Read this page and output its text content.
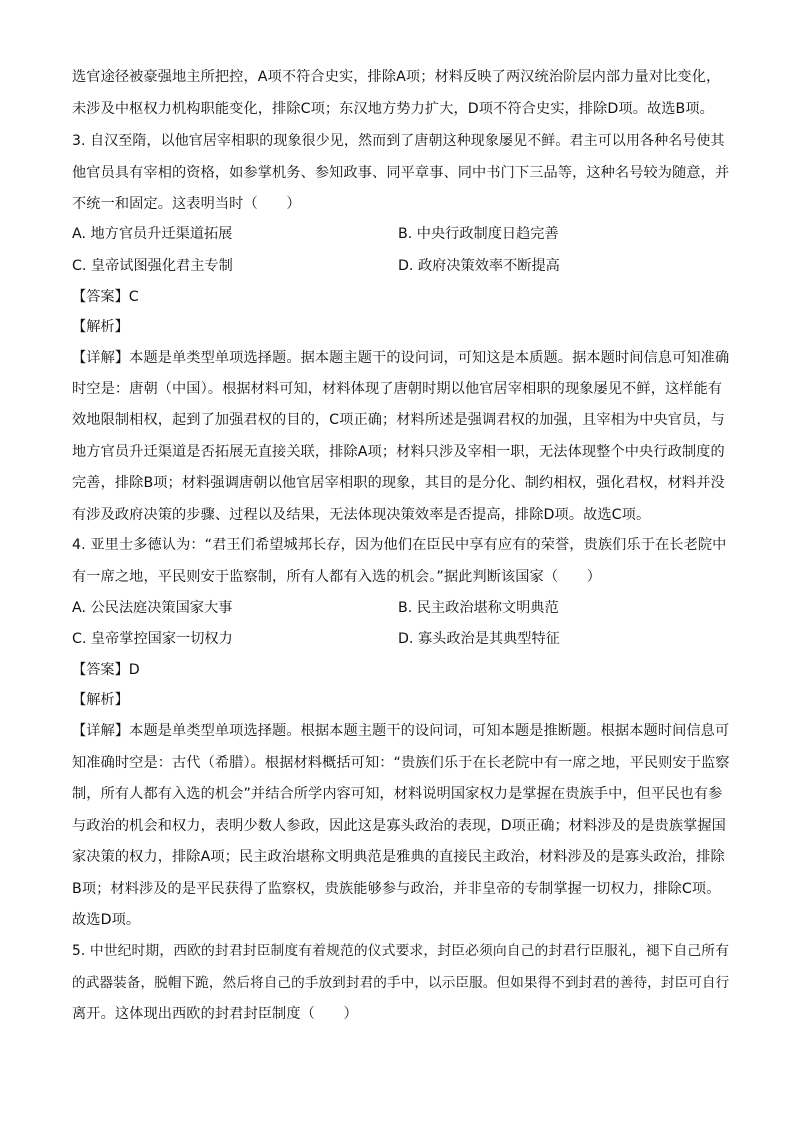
选官途径被豪强地主所把控，A项不符合史实，排除A项；材料反映了两汉统治阶层内部力量对比变化，
未涉及中枢权力机构职能变化，排除C项；东汉地方势力扩大，D项不符合史实，排除D项。故选B项。
3. 自汉至隋，以他官居宰相职的现象很少见，然而到了唐朝这种现象屡见不鲜。君主可以用各种名号使其
他官员具有宰相的资格，如参掌机务、参知政事、同平章事、同中书门下三品等，这种名号较为随意，并
不统一和固定。这表明当时（　　）
A. 地方官员升迁渠道拓展	B. 中央行政制度日趋完善
C. 皇帝试图强化君主专制	D. 政府决策效率不断提高
【答案】C
【解析】
【详解】本题是单类型单项选择题。据本题主题干的设问词，可知这是本质题。据本题时间信息可知准确
时空是：唐朝（中国）。根据材料可知，材料体现了唐朝时期以他官居宰相职的现象屡见不鲜，这样能有
效地限制相权，起到了加强君权的目的，C项正确；材料所述是强调君权的加强，且宰相为中央官员，与
地方官员升迁渠道是否拓展无直接关联，排除A项；材料只涉及宰相一职，无法体现整个中央行政制度的
完善，排除B项；材料强调唐朝以他官居宰相职的现象，其目的是分化、制约相权，强化君权，材料并没
有涉及政府决策的步骤、过程以及结果，无法体现决策效率是否提高，排除D项。故选C项。
4. 亚里士多德认为：“君王们希望城邦长存，因为他们在臣民中享有应有的荣誉，贵族们乐于在长老院中
有一席之地，平民则安于监察制，所有人都有入选的机会。”据此判断该国家（　　）
A. 公民法庭决策国家大事	B. 民主政治堪称文明典范
C. 皇帝掌控国家一切权力	D. 寡头政治是其典型特征
【答案】D
【解析】
【详解】本题是单类型单项选择题。根据本题主题干的设问词，可知本题是推断题。根据本题时间信息可
知准确时空是：古代（希腊）。根据材料概括可知：“贵族们乐于在长老院中有一席之地，平民则安于监察
制，所有人都有入选的机会”并结合所学内容可知，材料说明国家权力是掌握在贵族手中，但平民也有参
与政治的机会和权力，表明少数人参政，因此这是寡头政治的表现，D项正确；材料涉及的是贵族掌握国
家决策的权力，排除A项；民主政治堪称文明典范是雅典的直接民主政治，材料涉及的是寡头政治，排除
B项；材料涉及的是平民获得了监察权，贵族能够参与政治，并非皇帝的专制掌握一切权力，排除C项。
故选D项。
5. 中世纪时期，西欧的封君封臣制度有着规范的仪式要求，封臣必须向自己的封君行臣服礼，褪下自己所有
的武器装备，脱帽下跪，然后将自己的手放到封君的手中，以示臣服。但如果得不到封君的善待，封臣可自行
离开。这体现出西欧的封君封臣制度（　　）
